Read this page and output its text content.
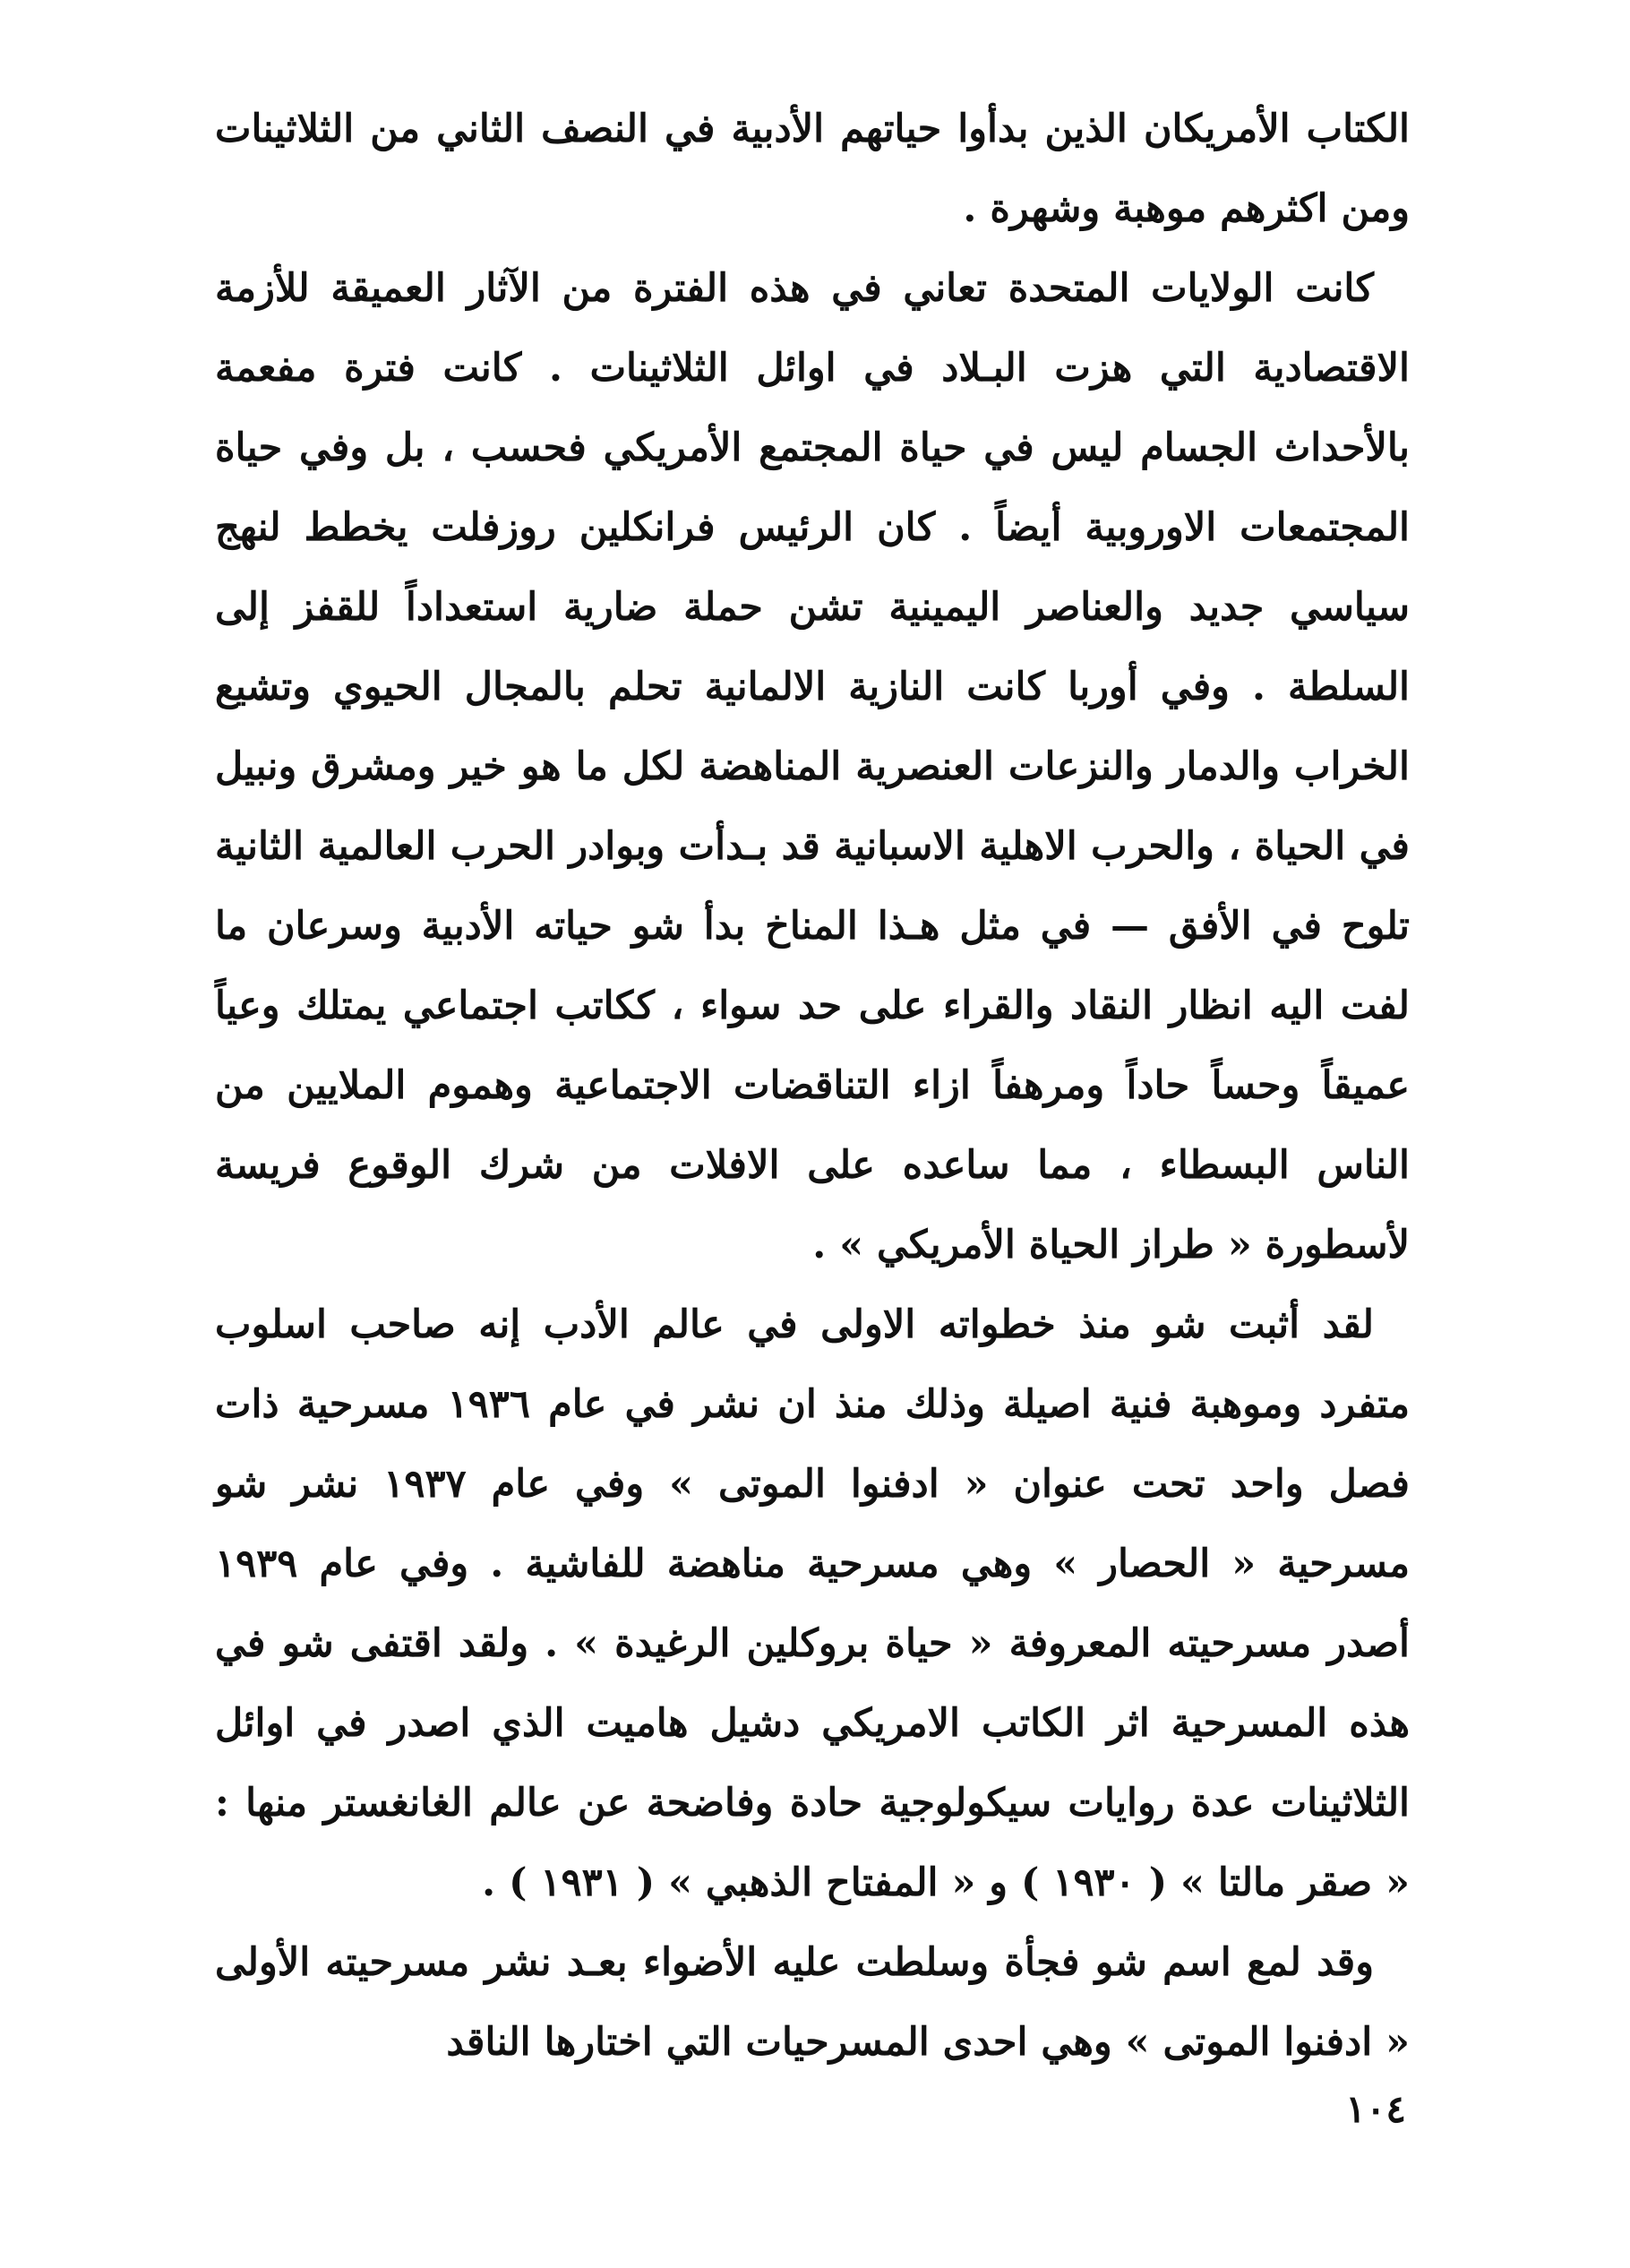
الكتاب الأمريكان الذين بدأوا حياتهم الأدبية في النصف الثاني من الثلاثينات ومن اكثرهم موهبة وشهرة .

كانت الولايات المتحدة تعاني في هذه الفترة من الآثار العميقة للأزمة الاقتصادية التي هزت البـلاد في اوائل الثلاثينات . كانت فترة مفعمة بالأحداث الجسام ليس في حياة المجتمع الأمريكي فحسب ، بل وفي حياة المجتمعات الاوروبية أيضاً . كان الرئيس فرانكلين روزفلت يخطط لنهج سياسي جديد والعناصر اليمينية تشن حملة ضارية استعداداً للقفز إلى السلطة . وفي أوربا كانت النازية الالمانية تحلم بالمجال الحيوي وتشيع الخراب والدمار والنزعات العنصرية المناهضة لكل ما هو خير ومشرق ونبيل في الحياة ، والحرب الاهلية الاسبانية قد بـدأت وبوادر الحرب العالمية الثانية تلوح في الأفق — في مثل هـذا المناخ بدأ شو حياته الأدبية وسرعان ما لفت اليه انظار النقاد والقراء على حد سواء ، ككاتب اجتماعي يمتلك وعياً عميقاً وحساً حاداً ومرهفاً ازاء التناقضات الاجتماعية وهموم الملايين من الناس البسطاء ، مما ساعده على الافلات من شرك الوقوع فريسة لأسطورة « طراز الحياة الأمريكي » .

لقد أثبت شو منذ خطواته الاولى في عالم الأدب إنه صاحب اسلوب متفرد وموهبة فنية اصيلة وذلك منذ ان نشر في عام ١٩٣٦ مسرحية ذات فصل واحد تحت عنوان « ادفنوا الموتى » وفي عام ١٩٣٧ نشر شو مسرحية « الحصار » وهي مسرحية مناهضة للفاشية . وفي عام ١٩٣٩ أصدر مسرحيته المعروفة « حياة بروكلين الرغيدة » . ولقد اقتفى شو في هذه المسرحية اثر الكاتب الامريكي دشيل هاميت الذي اصدر في اوائل الثلاثينات عدة روايات سيكولوجية حادة وفاضحة عن عالم الغانغستر منها : « صقر مالتا » ( ١٩٣٠ ) و « المفتاح الذهبي » ( ١٩٣١ ) .

وقد لمع اسم شو فجأة وسلطت عليه الأضواء بعـد نشر مسرحيته الأولى « ادفنوا الموتى » وهي احدى المسرحيات التي اختارها الناقد

١٠٤
